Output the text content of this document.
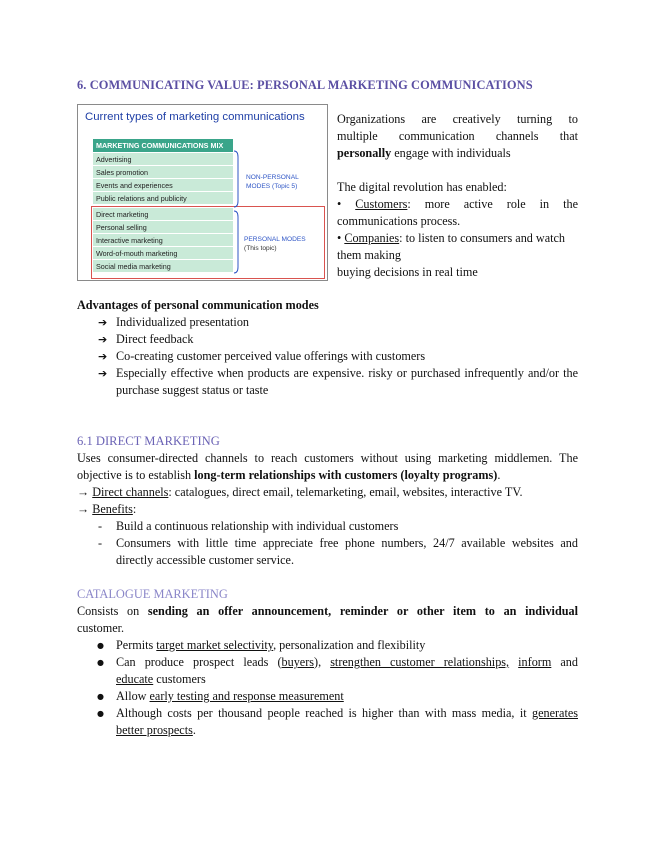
6. COMMUNICATING VALUE: PERSONAL MARKETING COMMUNICATIONS
Current types of marketing communications
MARKETING COMMUNICATIONS MIX
Advertising
Sales promotion
Events and experiences
Public relations and publicity
Direct marketing
Personal selling
Interactive marketing
Word-of-mouth marketing
Social media marketing
NON-PERSONAL
MODES (Topic 5)
PERSONAL MODES
(This topic)
Organizations are creatively turning to
multiple communication channels that
personally engage with individuals
The digital revolution has enabled:
• Customers: more active role in the
communications process.
• Companies: to listen to consumers and watch
them making
buying decisions in real time
Advantages of personal communication modes
➔ Individualized presentation
➔ Direct feedback
➔ Co-creating customer perceived value offerings with customers
➔ Especially effective when products are expensive. risky or purchased infrequently and/or the purchase suggest status or taste
6.1 DIRECT MARKETING
Uses consumer-directed channels to reach customers without using marketing middlemen. The objective is to establish long-term relationships with customers (loyalty programs).
→ Direct channels: catalogues, direct email, telemarketing, email, websites, interactive TV.
→ Benefits:
- Build a continuous relationship with individual customers
- Consumers with little time appreciate free phone numbers, 24/7 available websites and directly accessible customer service.
CATALOGUE MARKETING
Consists on sending an offer announcement, reminder or other item to an individual
customer.
● Permits target market selectivity, personalization and flexibility
● Can produce prospect leads (buyers), strengthen customer relationships, inform and
educate customers
● Allow early testing and response measurement
● Although costs per thousand people reached is higher than with mass media, it generates
better prospects.
